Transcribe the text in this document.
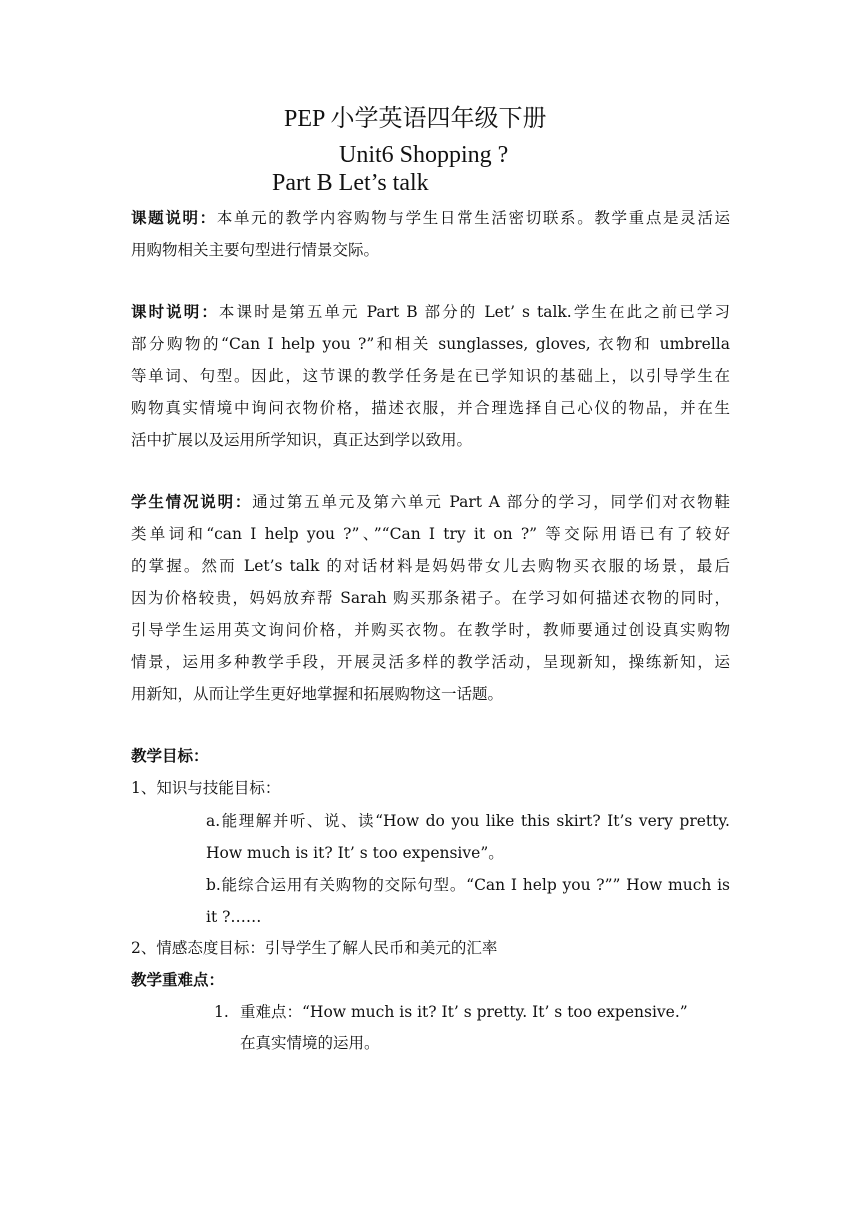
PEP 小学英语四年级下册
Unit6 Shopping ?
Part B Let’s talk
课题说明：本单元的教学内容购物与学生日常生活密切联系。教学重点是灵活运
用购物相关主要句型进行情景交际。
课时说明：本课时是第五单元 Part B 部分的 Let’ s talk.学生在此之前已学习
部分购物的“Can I help you ?”和相关 sunglasses, gloves, 衣物和 umbrella
等单词、句型。因此，这节课的教学任务是在已学知识的基础上，以引导学生在
购物真实情境中询问衣物价格，描述衣服，并合理选择自己心仪的物品，并在生
活中扩展以及运用所学知识，真正达到学以致用。
学生情况说明：通过第五单元及第六单元 Part A 部分的学习，同学们对衣物鞋
类单词和“can I help you ?”、”“Can I try it on ?” 等交际用语已有了较好
的掌握。然而 Let’s talk 的对话材料是妈妈带女儿去购物买衣服的场景，最后
因为价格较贵，妈妈放弃帮 Sarah 购买那条裙子。在学习如何描述衣物的同时，
引导学生运用英文询问价格，并购买衣物。在教学时，教师要通过创设真实购物
情景，运用多种教学手段，开展灵活多样的教学活动，呈现新知，操练新知，运
用新知，从而让学生更好地掌握和拓展购物这一话题。
教学目标：
1、知识与技能目标：
a.能理解并听、说、读“How do you like this skirt? It’s very pretty.
How much is it? It’ s too expensive”。
b.能综合运用有关购物的交际句型。“Can I help you ?”” How much is
it ?……
2、情感态度目标：引导学生了解人民币和美元的汇率
教学重难点：
1. 重难点：“How much is it? It’ s pretty. It’ s too expensive.”
在真实情境的运用。
